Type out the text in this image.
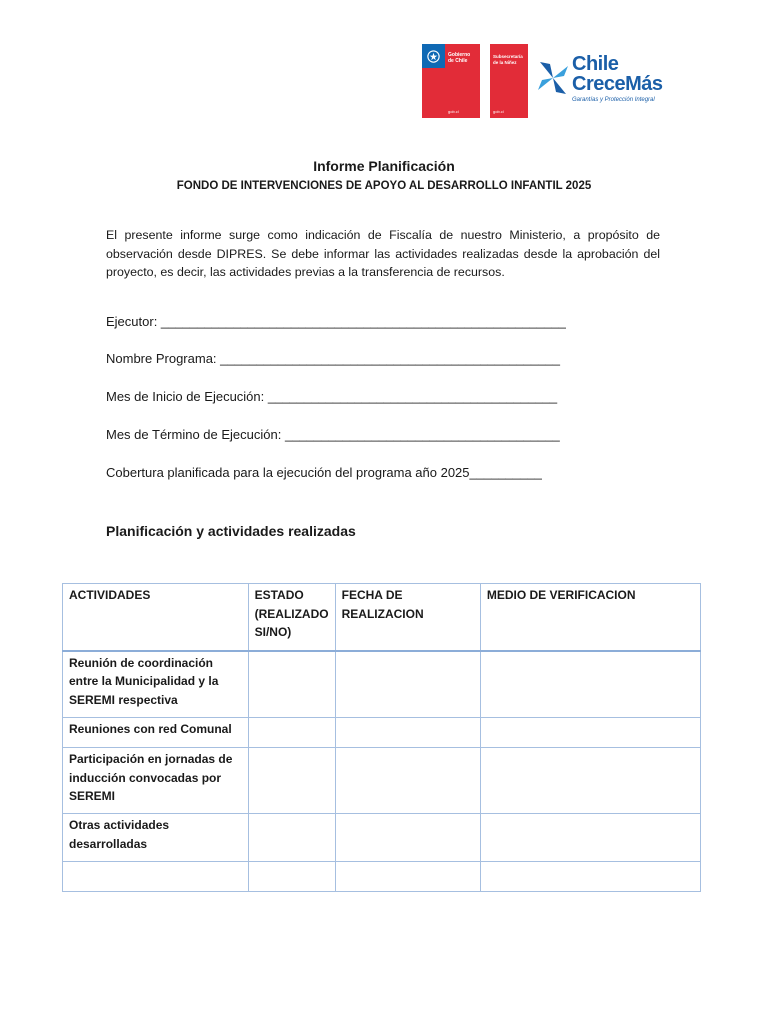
Gobierno
de Chile
gob.cl
Subsecretaría
de la Niñez
gob.cl
Chile
CreceMás
Garantías y Protección Integral
Informe Planificación
FONDO DE INTERVENCIONES DE APOYO AL DESARROLLO INFANTIL 2025
El presente informe surge como indicación de Fiscalía de nuestro Ministerio, a propósito de observación desde DIPRES. Se debe informar las actividades realizadas desde la aprobación del proyecto, es decir, las actividades previas a la transferencia de recursos.
Ejecutor: ________________________________________________________
Nombre Programa: _______________________________________________
Mes de Inicio de Ejecución: ________________________________________
Mes de Término de Ejecución: ______________________________________
Cobertura planificada para la ejecución del programa año 2025__________
Planificación y actividades realizadas
ACTIVIDADES	ESTADO (REALIZADO SI/NO)	FECHA DE REALIZACION	MEDIO DE VERIFICACION
Reunión de coordinación entre la Municipalidad y la SEREMI respectiva			
Reuniones con red Comunal			
Participación en jornadas de inducción convocadas por SEREMI			
Otras actividades desarrolladas			
